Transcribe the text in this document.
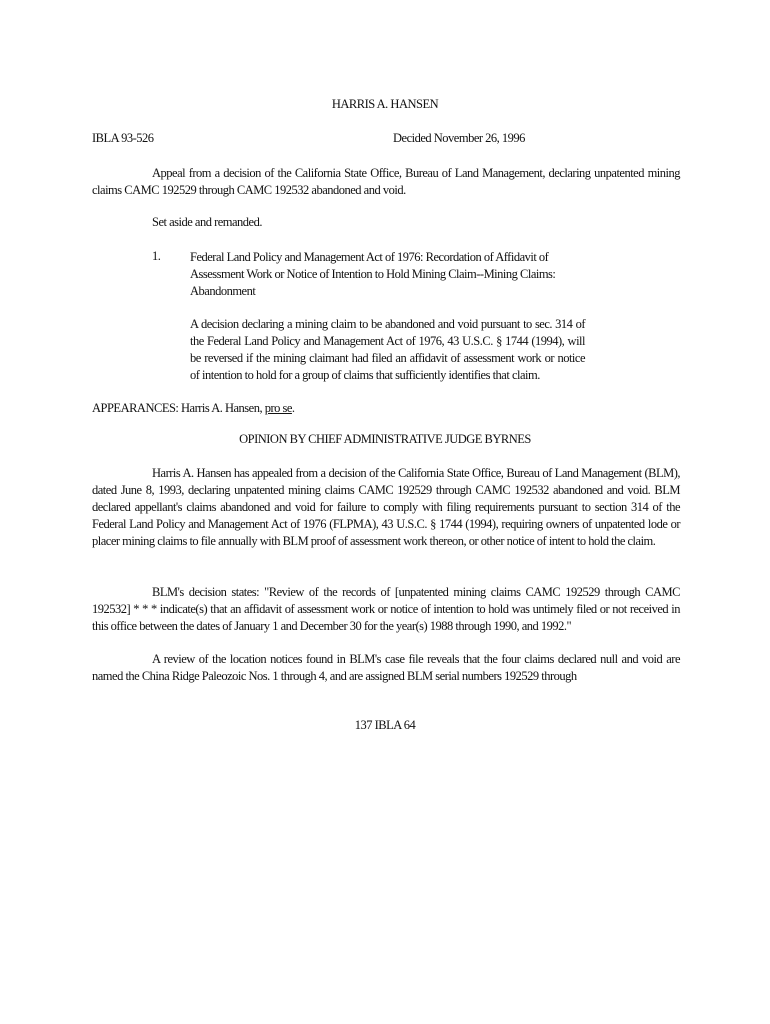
HARRIS A. HANSEN
IBLA 93-526	Decided November 26, 1996
Appeal from a decision of the California State Office, Bureau of Land Management, declaring unpatented mining claims CAMC 192529 through CAMC 192532 abandoned and void.
Set aside and remanded.
1. Federal Land Policy and Management Act of 1976: Recordation of Affidavit of Assessment Work or Notice of Intention to Hold Mining Claim--Mining Claims: Abandonment
A decision declaring a mining claim to be abandoned and void pursuant to sec. 314 of the Federal Land Policy and Management Act of 1976, 43 U.S.C. § 1744 (1994), will be reversed if the mining claimant had filed an affidavit of assessment work or notice of intention to hold for a group of claims that sufficiently identifies that claim.
APPEARANCES: Harris A. Hansen, pro se.
OPINION BY CHIEF ADMINISTRATIVE JUDGE BYRNES
Harris A. Hansen has appealed from a decision of the California State Office, Bureau of Land Management (BLM), dated June 8, 1993, declaring unpatented mining claims CAMC 192529 through CAMC 192532 abandoned and void. BLM declared appellant's claims abandoned and void for failure to comply with filing requirements pursuant to section 314 of the Federal Land Policy and Management Act of 1976 (FLPMA), 43 U.S.C. § 1744 (1994), requiring owners of unpatented lode or placer mining claims to file annually with BLM proof of assessment work thereon, or other notice of intent to hold the claim.
BLM's decision states: "Review of the records of [unpatented mining claims CAMC 192529 through CAMC 192532] * * * indicate(s) that an affidavit of assessment work or notice of intention to hold was untimely filed or not received in this office between the dates of January 1 and December 30 for the year(s) 1988 through 1990, and 1992."
A review of the location notices found in BLM's case file reveals that the four claims declared null and void are named the China Ridge Paleozoic Nos. 1 through 4, and are assigned BLM serial numbers 192529 through
137 IBLA 64
